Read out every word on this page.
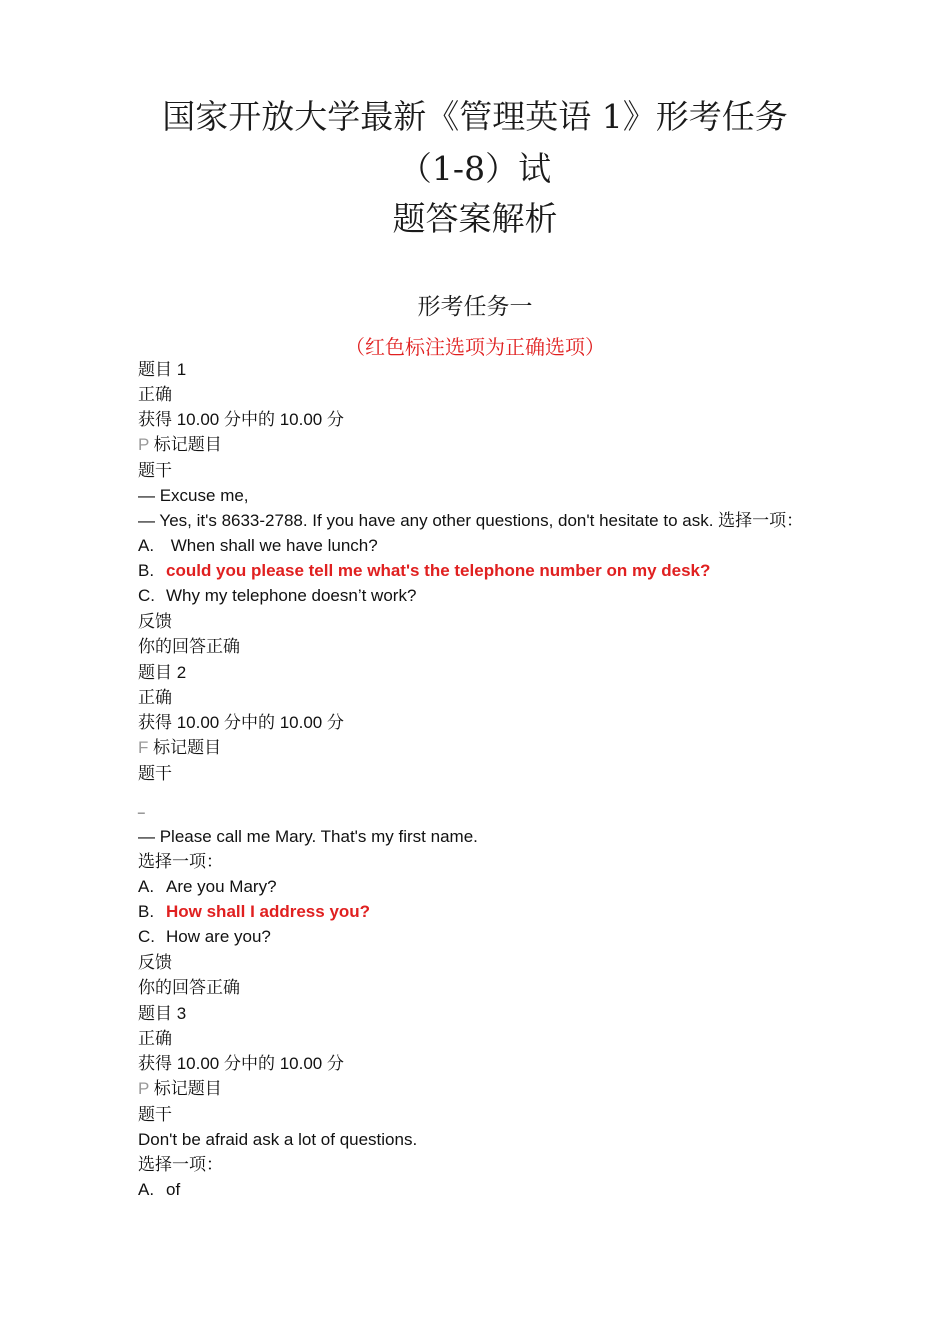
国家开放大学最新《管理英语 1》形考任务
（1-8）试
题答案解析
形考任务一
（红色标注选项为正确选项）
题目 1
正确
获得 10.00 分中的 10.00 分
P 标记题目
题干
— Excuse me,
— Yes, it's 8633-2788. If you have any other questions, don't hesitate to ask. 选择一项：
A. When shall we have lunch?
B. could you please tell me what's the telephone number on my desk?
C. Why my telephone doesn’t work?
反馈
你的回答正确
题目 2
正确
获得 10.00 分中的 10.00 分
F 标记题目
题干
_
— Please call me Mary. That's my first name.
选择一项：
A. Are you Mary?
B. How shall I address you?
C. How are you?
反馈
你的回答正确
题目 3
正确
获得 10.00 分中的 10.00 分
P 标记题目
题干
Don't be afraid ask a lot of questions.
选择一项：
A. of
